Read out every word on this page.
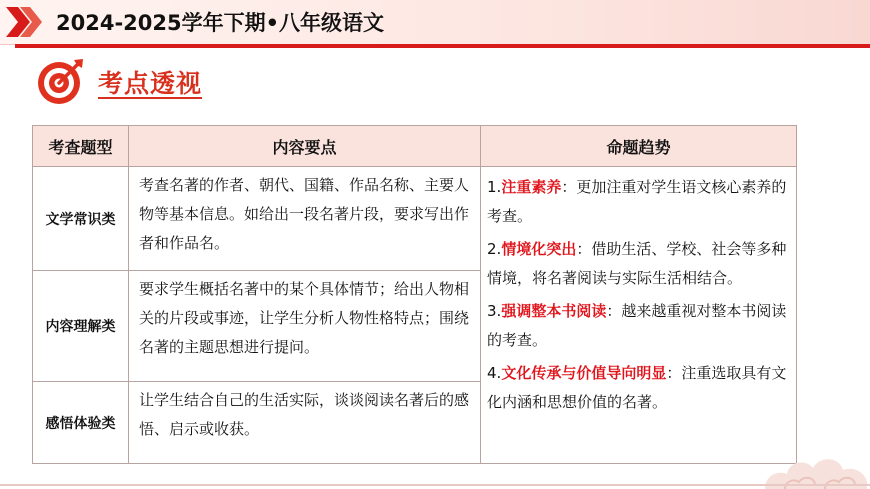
2024-2025学年下期•八年级语文
考点透视
考查题型	内容要点	命题趋势
文学常识类	考查名著的作者、朝代、国籍、作品名称、主要人物等基本信息。如给出一段名著片段，要求写出作者和作品名。	1.注重素养：更加注重对学生语文核心素养的考查。
2.情境化突出：借助生活、学校、社会等多种情境，将名著阅读与实际生活相结合。
3.强调整本书阅读：越来越重视对整本书阅读的考查。
4.文化传承与价值导向明显：注重选取具有文化内涵和思想价值的名著。

内容理解类	要求学生概括名著中的某个具体情节；给出人物相关的片段或事迹，让学生分析人物性格特点；围绕名著的主题思想进行提问。	

感悟体验类	让学生结合自己的生活实际，谈谈阅读名著后的感悟、启示或收获。	
